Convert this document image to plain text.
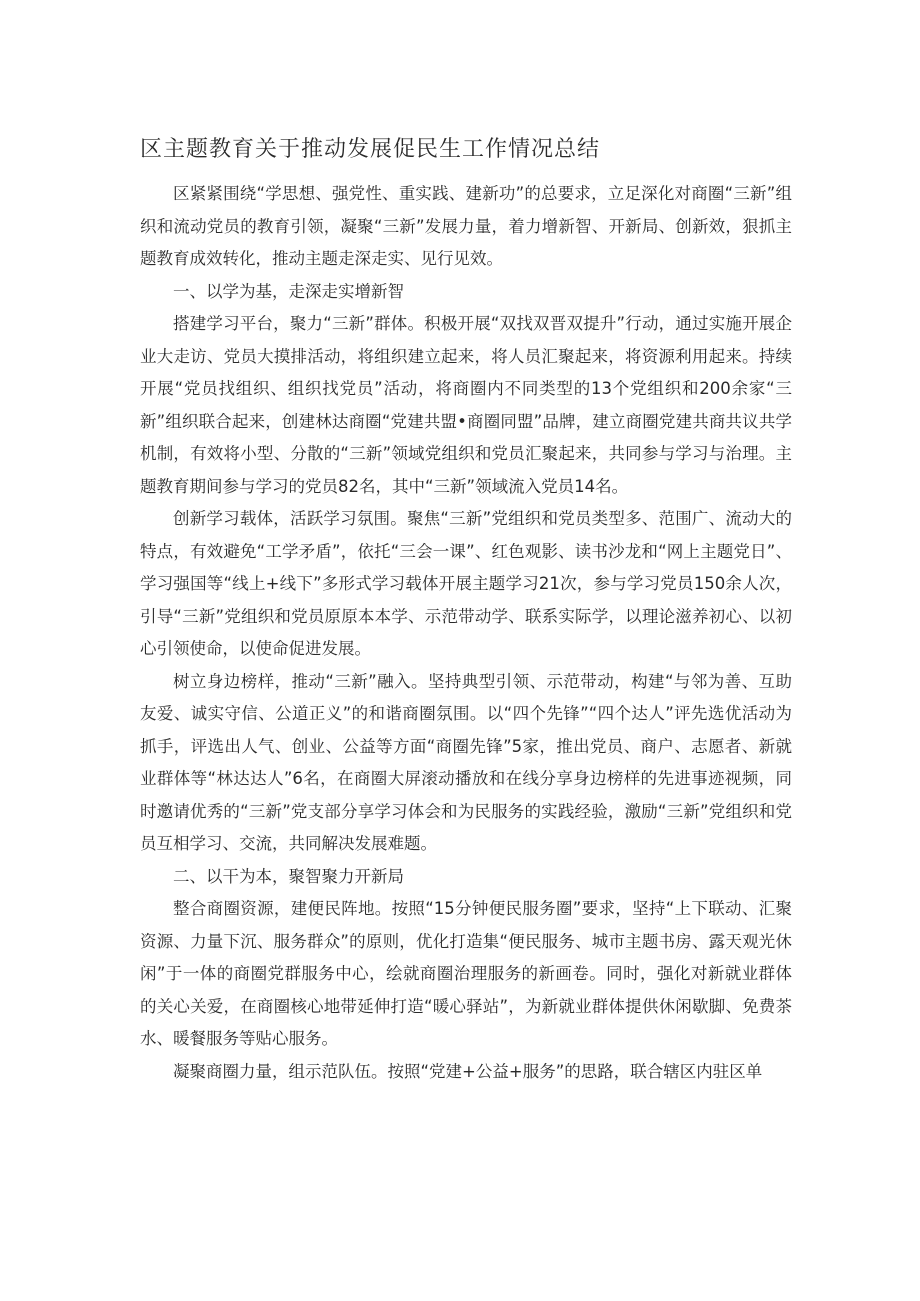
区主题教育关于推动发展促民生工作情况总结

区紧紧围绕“学思想、强党性、重实践、建新功”的总要求，立足深化对商圈“三新”组织和流动党员的教育引领，凝聚“三新”发展力量，着力增新智、开新局、创新效，狠抓主题教育成效转化，推动主题走深走实、见行见效。

一、以学为基，走深走实增新智

搭建学习平台，聚力“三新”群体。积极开展“双找双晋双提升”行动，通过实施开展企业大走访、党员大摸排活动，将组织建立起来，将人员汇聚起来，将资源利用起来。持续开展“党员找组织、组织找党员”活动，将商圈内不同类型的13个党组织和200余家“三新”组织联合起来，创建林达商圈“党建共盟•商圈同盟”品牌，建立商圈党建共商共议共学机制，有效将小型、分散的“三新”领域党组织和党员汇聚起来，共同参与学习与治理。主题教育期间参与学习的党员82名，其中“三新”领域流入党员14名。

创新学习载体，活跃学习氛围。聚焦“三新”党组织和党员类型多、范围广、流动大的特点，有效避免“工学矛盾”，依托“三会一课”、红色观影、读书沙龙和“网上主题党日”、学习强国等“线上+线下”多形式学习载体开展主题学习21次，参与学习党员150余人次，引导“三新”党组织和党员原原本本学、示范带动学、联系实际学，以理论滋养初心、以初心引领使命，以使命促进发展。

树立身边榜样，推动“三新”融入。坚持典型引领、示范带动，构建“与邻为善、互助友爱、诚实守信、公道正义”的和谐商圈氛围。以“四个先锋”“四个达人”评先选优活动为抓手，评选出人气、创业、公益等方面“商圈先锋”5家，推出党员、商户、志愿者、新就业群体等“林达达人”6名，在商圈大屏滚动播放和在线分享身边榜样的先进事迹视频，同时邀请优秀的“三新”党支部分享学习体会和为民服务的实践经验，激励“三新”党组织和党员互相学习、交流，共同解决发展难题。

二、以干为本，聚智聚力开新局

整合商圈资源，建便民阵地。按照“15分钟便民服务圈”要求，坚持“上下联动、汇聚资源、力量下沉、服务群众”的原则，优化打造集“便民服务、城市主题书房、露天观光休闲”于一体的商圈党群服务中心，绘就商圈治理服务的新画卷。同时，强化对新就业群体的关心关爱，在商圈核心地带延伸打造“暖心驿站”，为新就业群体提供休闲歇脚、免费茶水、暖餐服务等贴心服务。

凝聚商圈力量，组示范队伍。按照“党建+公益+服务”的思路，联合辖区内驻区单
